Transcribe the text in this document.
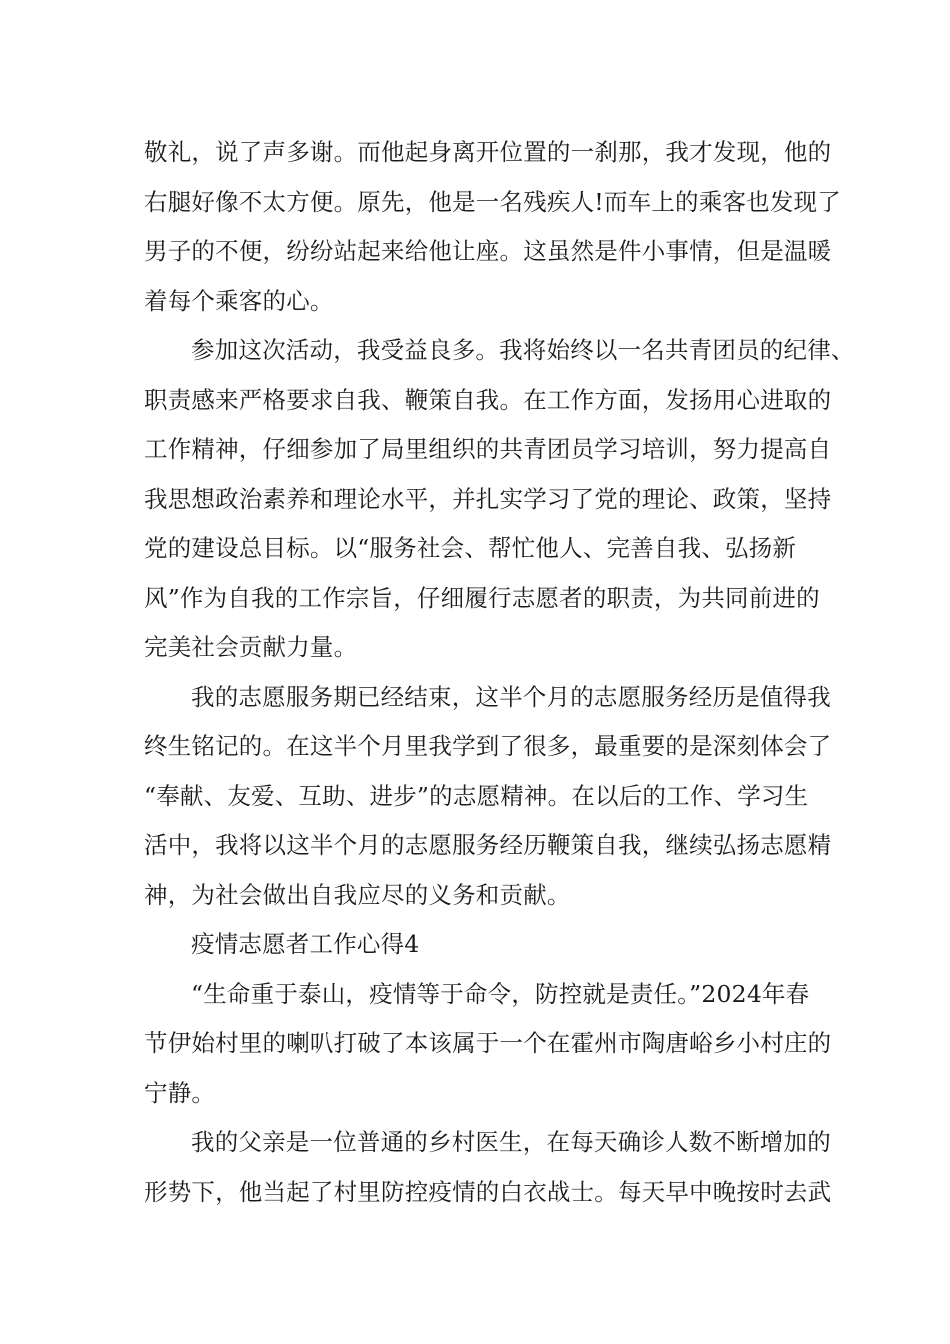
敬礼，说了声多谢。而他起身离开位置的一刹那，我才发现，他的
右腿好像不太方便。原先，他是一名残疾人!而车上的乘客也发现了
男子的不便，纷纷站起来给他让座。这虽然是件小事情，但是温暖
着每个乘客的心。
参加这次活动，我受益良多。我将始终以一名共青团员的纪律、
职责感来严格要求自我、鞭策自我。在工作方面，发扬用心进取的
工作精神，仔细参加了局里组织的共青团员学习培训，努力提高自
我思想政治素养和理论水平，并扎实学习了党的理论、政策，坚持
党的建设总目标。以“服务社会、帮忙他人、完善自我、弘扬新
风”作为自我的工作宗旨，仔细履行志愿者的职责，为共同前进的
完美社会贡献力量。
我的志愿服务期已经结束，这半个月的志愿服务经历是值得我
终生铭记的。在这半个月里我学到了很多，最重要的是深刻体会了
“奉献、友爱、互助、进步”的志愿精神。在以后的工作、学习生
活中，我将以这半个月的志愿服务经历鞭策自我，继续弘扬志愿精
神，为社会做出自我应尽的义务和贡献。
疫情志愿者工作心得4
“生命重于泰山，疫情等于命令，防控就是责任。”2024年春
节伊始村里的喇叭打破了本该属于一个在霍州市陶唐峪乡小村庄的
宁静。
我的父亲是一位普通的乡村医生，在每天确诊人数不断增加的
形势下，他当起了村里防控疫情的白衣战士。每天早中晚按时去武
